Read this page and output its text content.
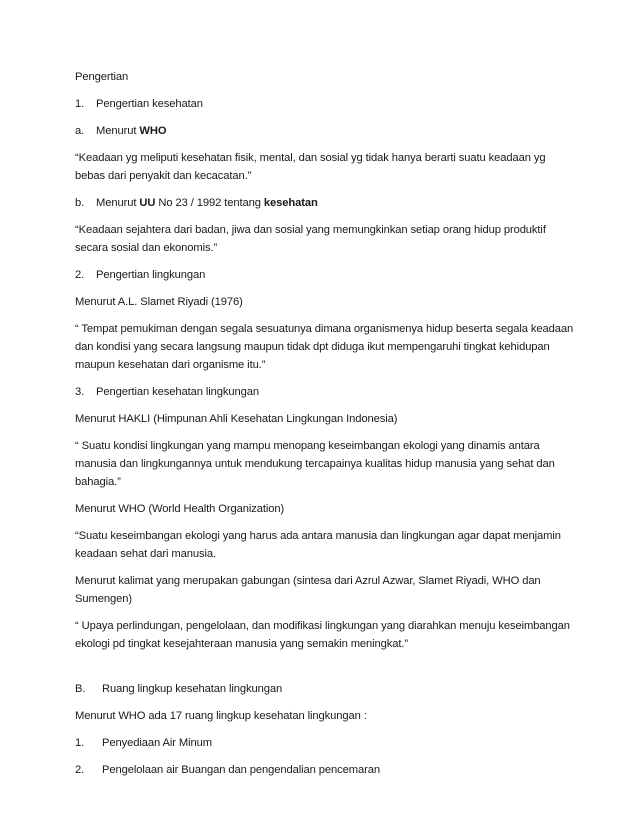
Pengertian

1. Pengertian kesehatan

a. Menurut WHO

“Keadaan yg meliputi kesehatan fisik, mental, dan sosial yg tidak hanya berarti suatu keadaan yg bebas dari penyakit dan kecacatan.”

b. Menurut UU No 23 / 1992 tentang kesehatan

“Keadaan sejahtera dari badan, jiwa dan sosial yang memungkinkan setiap orang hidup produktif secara sosial dan ekonomis.”

2. Pengertian lingkungan

Menurut A.L. Slamet Riyadi (1976)

“ Tempat pemukiman dengan segala sesuatunya dimana organismenya hidup beserta segala keadaan dan kondisi yang secara langsung maupun tidak dpt diduga ikut mempengaruhi tingkat kehidupan maupun kesehatan dari organisme itu.”

3. Pengertian kesehatan lingkungan

Menurut HAKLI (Himpunan Ahli Kesehatan Lingkungan Indonesia)

“ Suatu kondisi lingkungan yang mampu menopang keseimbangan ekologi yang dinamis antara manusia dan lingkungannya untuk mendukung tercapainya kualitas hidup manusia yang sehat dan bahagia.”

Menurut WHO (World Health Organization)

“Suatu keseimbangan ekologi yang harus ada antara manusia dan lingkungan agar dapat menjamin keadaan sehat dari manusia.

Menurut kalimat yang merupakan gabungan (sintesa dari Azrul Azwar, Slamet Riyadi, WHO dan Sumengen)

“ Upaya perlindungan, pengelolaan, dan modifikasi lingkungan yang diarahkan menuju keseimbangan ekologi pd tingkat kesejahteraan manusia yang semakin meningkat.”

B. Ruang lingkup kesehatan lingkungan

Menurut WHO ada 17 ruang lingkup kesehatan lingkungan :

1. Penyediaan Air Minum

2. Pengelolaan air Buangan dan pengendalian pencemaran
